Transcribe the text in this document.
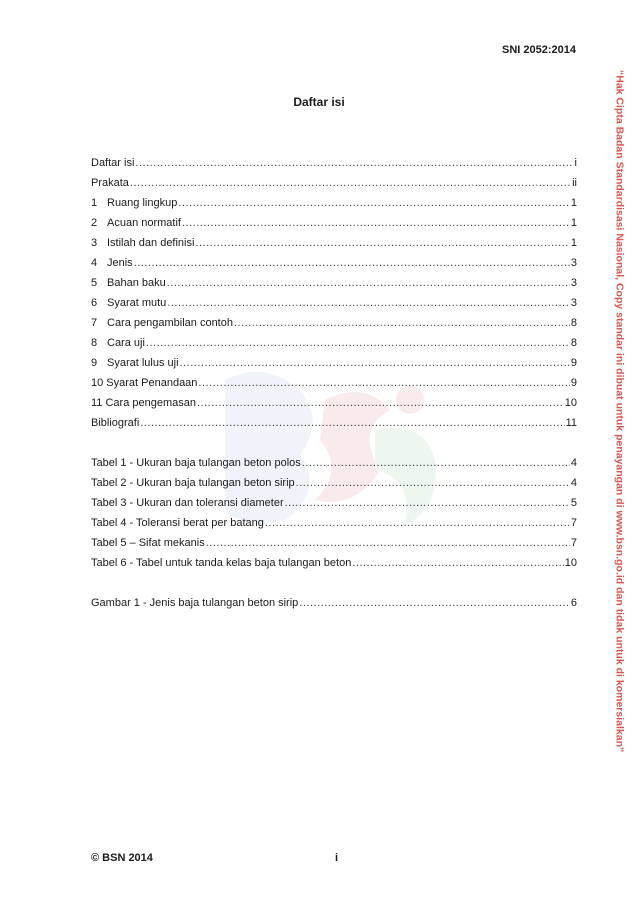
SNI 2052:2014
Daftar isi	“Hak Cipta Badan Standardisasi Nasional, Copy standar ini dibuat untuk penayangan di www.bsn.go.id dan tidak untuk di komersialkan”
Daftar isi .....	i
Prakata .....	ii
1 Ruang lingkup .....	1
2 Acuan normatif .....	1
3 Istilah dan definisi .....	1
4 Jenis .....	3
5 Bahan baku .....	3
6 Syarat mutu .....	3
7 Cara pengambilan contoh .....	8
8 Cara uji .....	8
9 Syarat lulus uji .....	9
10 Syarat Penandaan .....	9
11 Cara pengemasan .....	10
Bibliografi .....	11
Tabel 1 - Ukuran baja tulangan beton polos .....	4
Tabel 2 - Ukuran baja tulangan beton sirip .....	4
Tabel 3 - Ukuran dan toleransi diameter .....	5
Tabel 4 - Toleransi berat per batang .....	7
Tabel 5 – Sifat mekanis .....	7
Tabel 6 - Tabel untuk tanda kelas baja tulangan beton .....	10
Gambar 1 - Jenis baja tulangan beton sirip .....	6
© BSN 2014	i
